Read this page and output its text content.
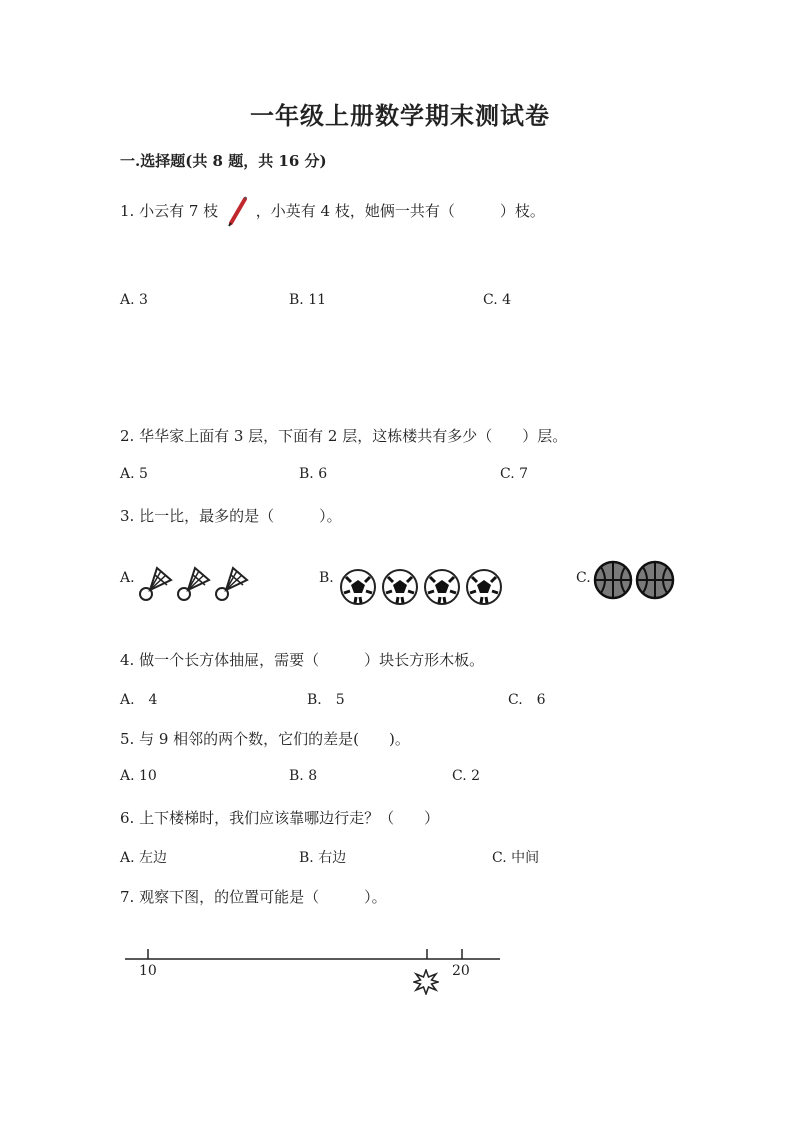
一年级上册数学期末测试卷
一.选择题(共 8 题，共 16 分)
1. 小云有 7 枝	，小英有 4 枝，她俩一共有（　　　）枝。
A. 3	B. 11	C. 4
2. 华华家上面有 3 层，下面有 2 层，这栋楼共有多少（　　）层。
A. 5	B. 6	C. 7
3. 比一比，最多的是（　　　）。
A.	B.	C.
4. 做一个长方体抽屉，需要（　　　）块长方形木板。
A.　4	B.　5	C.　6
5. 与 9 相邻的两个数，它们的差是(　　)。
A. 10	B. 8	C. 2
6. 上下楼梯时，我们应该靠哪边行走？（　　）
A. 左边	B. 右边	C. 中间
7. 观察下图，的位置可能是（　　　）。
10	20
